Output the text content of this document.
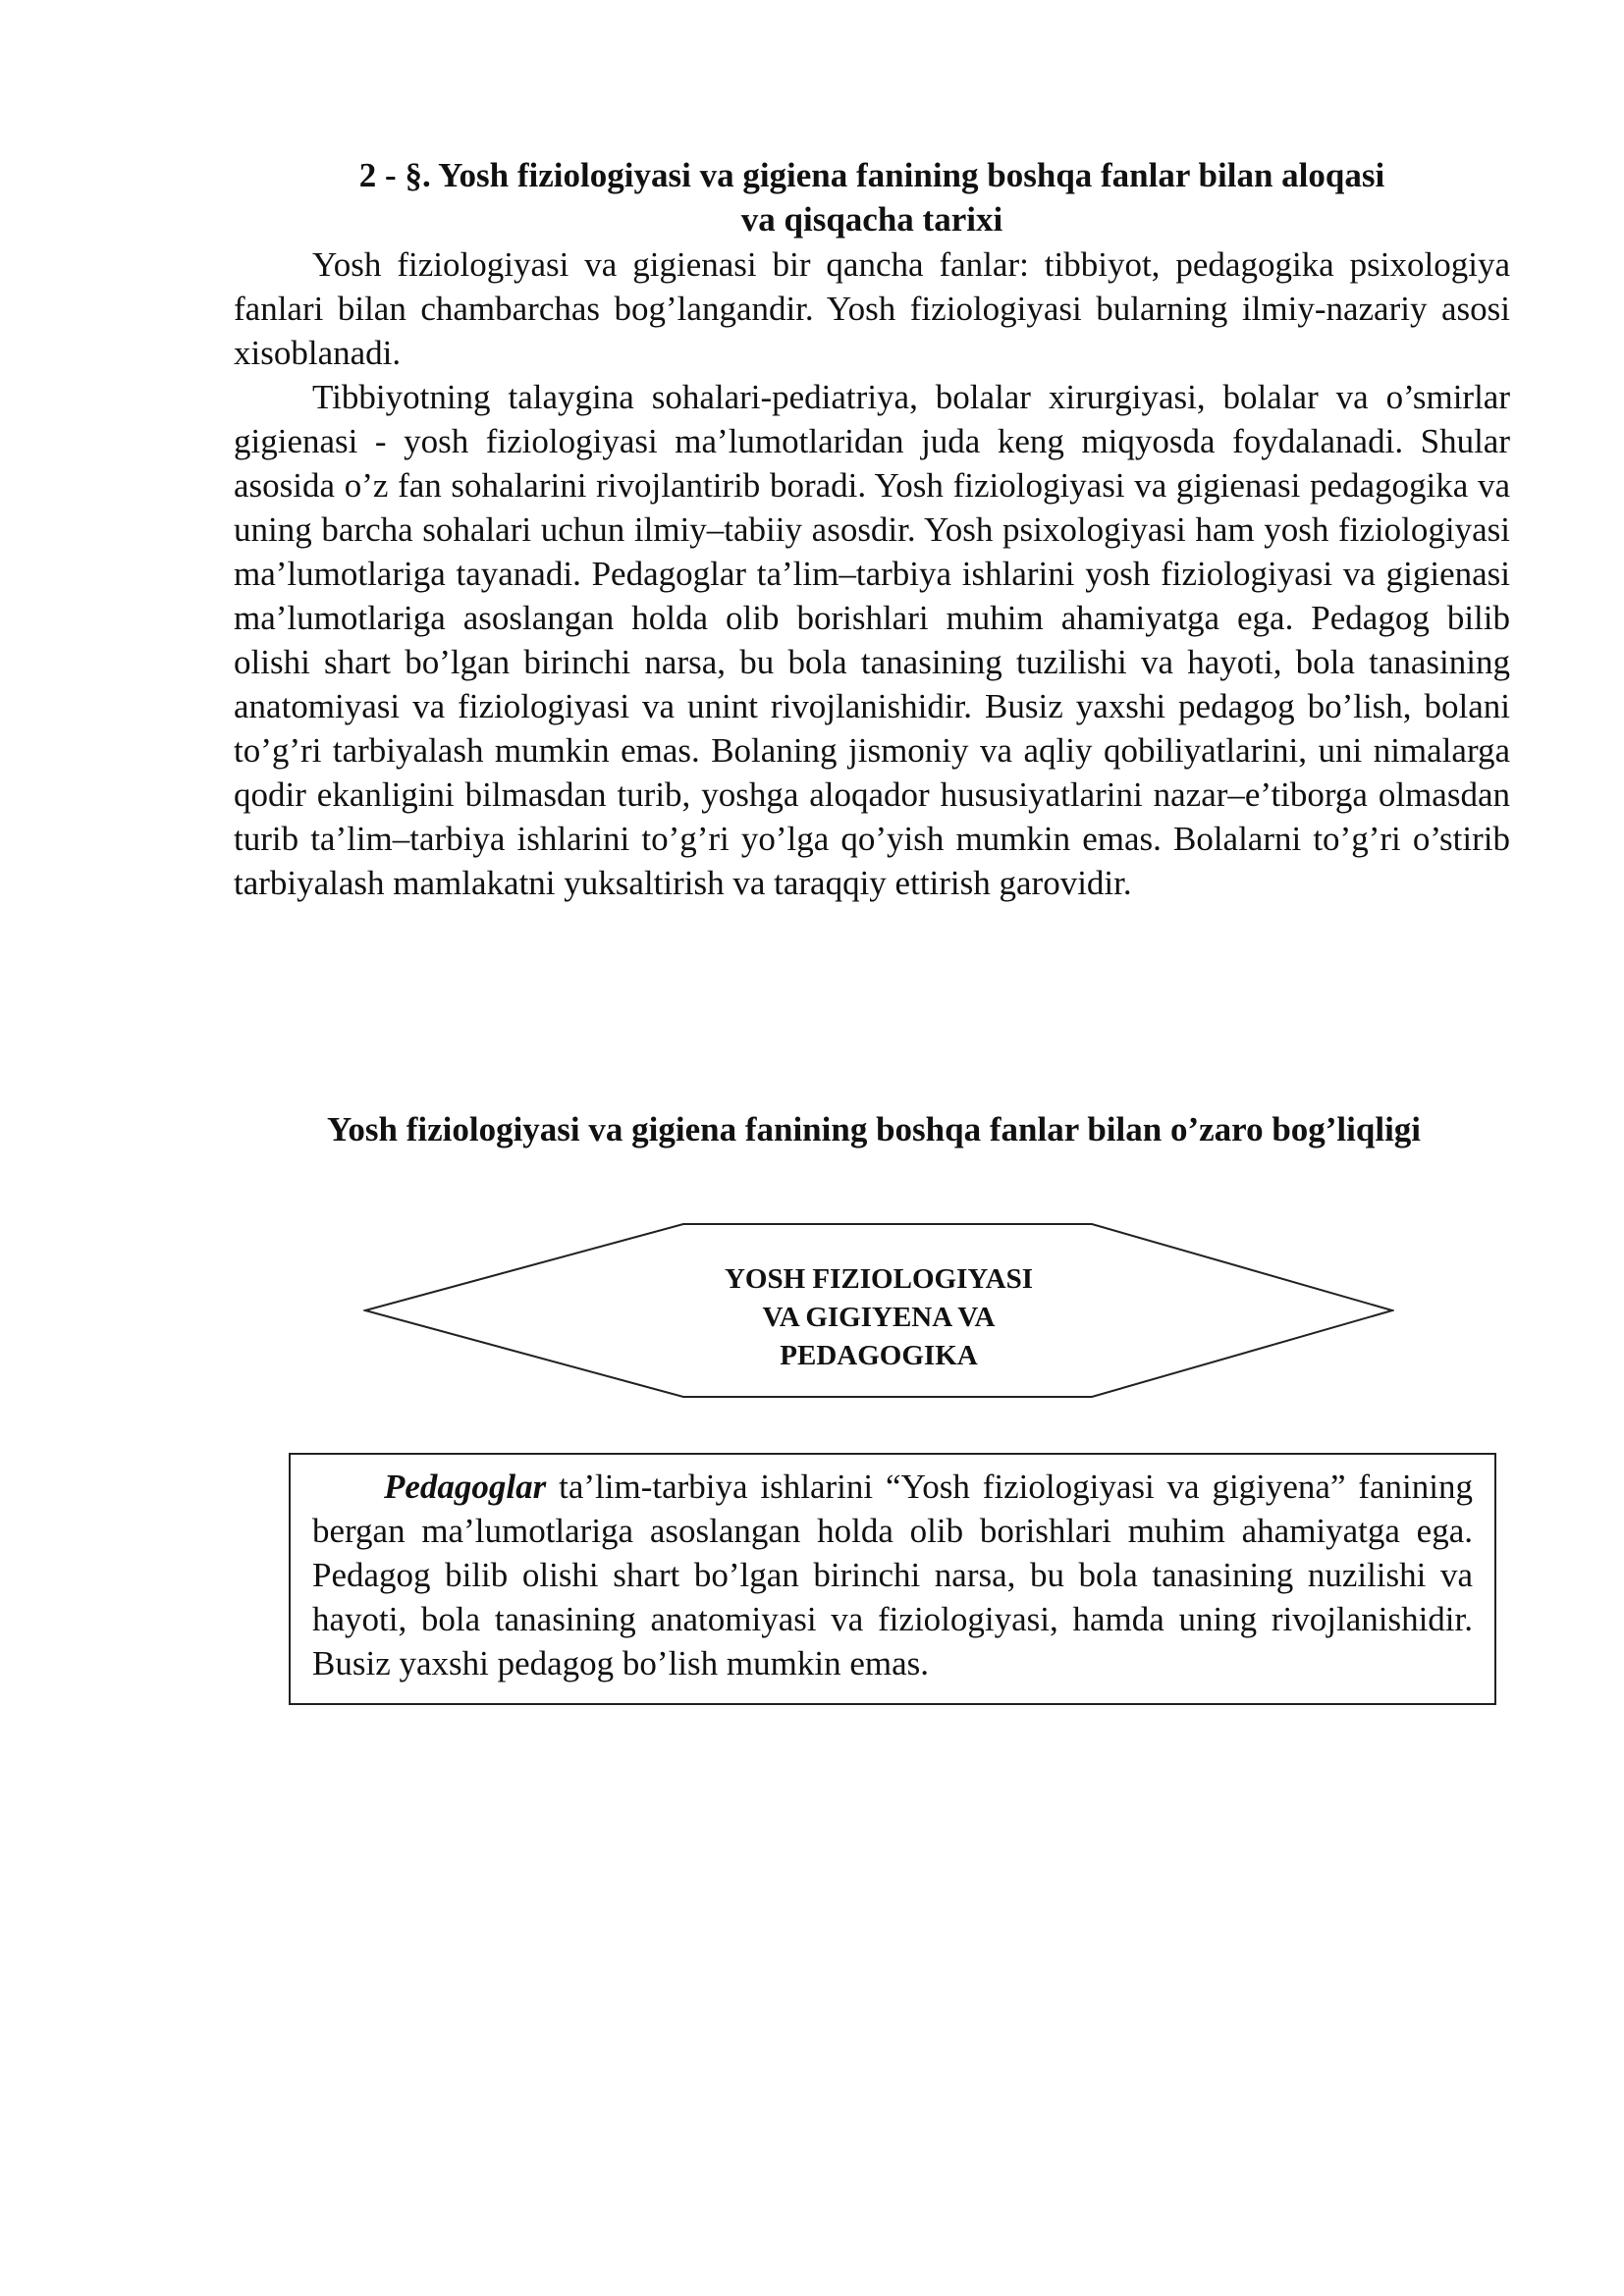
2 - §. Yosh fiziologiyasi va gigiena fanining boshqa fanlar bilan aloqasi
va qisqacha tarixi

Yosh fiziologiyasi va gigienasi bir qancha fanlar: tibbiyot, pedagogika psixologiya fanlari bilan chambarchas bog’langandir. Yosh fiziologiyasi bularning ilmiy-nazariy asosi xisoblanadi.

Tibbiyotning talaygina sohalari-pediatriya, bolalar xirurgiyasi, bolalar va o’smirlar gigienasi - yosh fiziologiyasi ma’lumotlaridan juda keng miqyosda foydalanadi. Shular asosida o’z fan sohalarini rivojlantirib boradi. Yosh fiziologiyasi va gigienasi pedagogika va uning barcha sohalari uchun ilmiy‒tabiiy asosdir. Yosh psixologiyasi ham yosh fiziologiyasi ma’lumotlariga tayanadi. Pedagoglar ta’lim‒tarbiya ishlarini yosh fiziologiyasi va gigienasi ma’lumotlariga asoslangan holda olib borishlari muhim ahamiyatga ega. Pedagog bilib olishi shart bo’lgan birinchi narsa, bu bola tanasining tuzilishi va hayoti, bola tanasining anatomiyasi va fiziologiyasi va unint rivojlanishidir. Busiz yaxshi pedagog bo’lish, bolani to’g’ri tarbiyalash mumkin emas. Bolaning jismoniy va aqliy qobiliyatlarini, uni nimalarga qodir ekanligini bilmasdan turib, yoshga aloqador hususiyatlarini nazar‒e’tiborga olmasdan turib ta’lim‒tarbiya ishlarini to’g’ri yo’lga qo’yish mumkin emas. Bolalarni to’g’ri o’stirib tarbiyalash mamlakatni yuksaltirish va taraqqiy ettirish garovidir.

Yosh fiziologiyasi va gigiena fanining boshqa fanlar bilan o’zaro bog’liqligi
YOSH FIZIOLOGIYASI
VA GIGIYENA VA
PEDAGOGIKA

Pedagoglar ta’lim-tarbiya ishlarini “Yosh fiziologiyasi va gigiyena” fanining bergan ma’lumotlariga asoslangan holda olib borishlari muhim ahamiyatga ega. Pedagog bilib olishi shart bo’lgan birinchi narsa, bu bola tanasining nuzilishi va hayoti, bola tanasining anatomiyasi va fiziologiyasi, hamda uning rivojlanishidir. Busiz yaxshi pedagog bo’lish mumkin emas.
